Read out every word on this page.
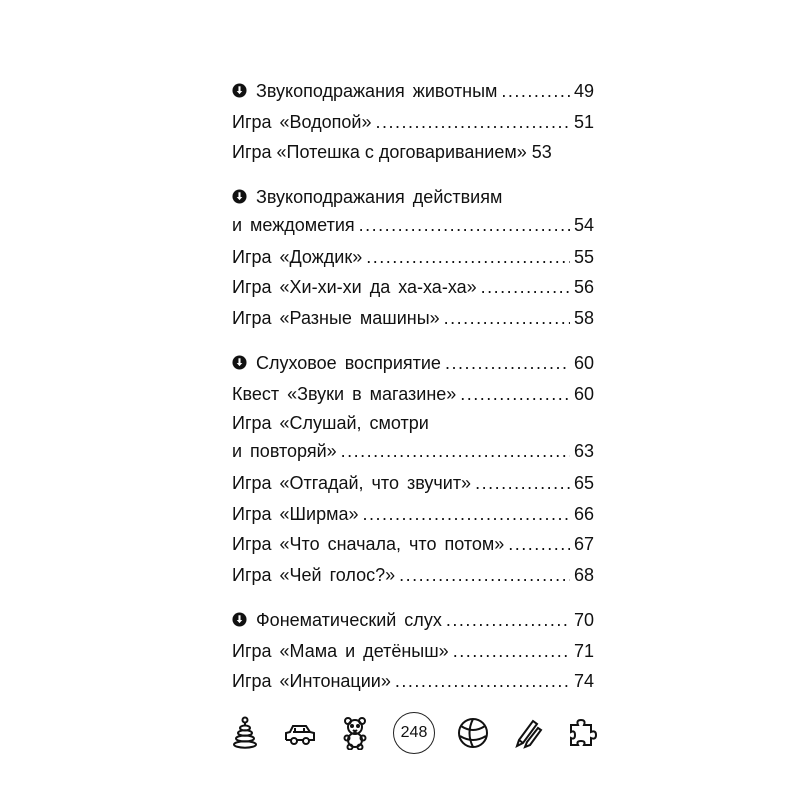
Звукоподражания животным .....	49
Игра «Водопой» .....	51
Игра «Потешка с договариванием» 53
Звукоподражания действиям
и междометия .....	54
Игра «Дождик» .....	55
Игра «Хи-хи-хи да ха-ха-ха» .....	56
Игра «Разные машины» .....	58
Слуховое восприятие .....	60
Квест «Звуки в магазине» .....	60
Игра «Слушай, смотри
и повторяй» .....	63
Игра «Отгадай, что звучит» .....	65
Игра «Ширма» .....	66
Игра «Что сначала, что потом» .....	67
Игра «Чей голос?» .....	68
Фонематический слух .....	70
Игра «Мама и детёныш» .....	71
Игра «Интонации» .....	74
248
